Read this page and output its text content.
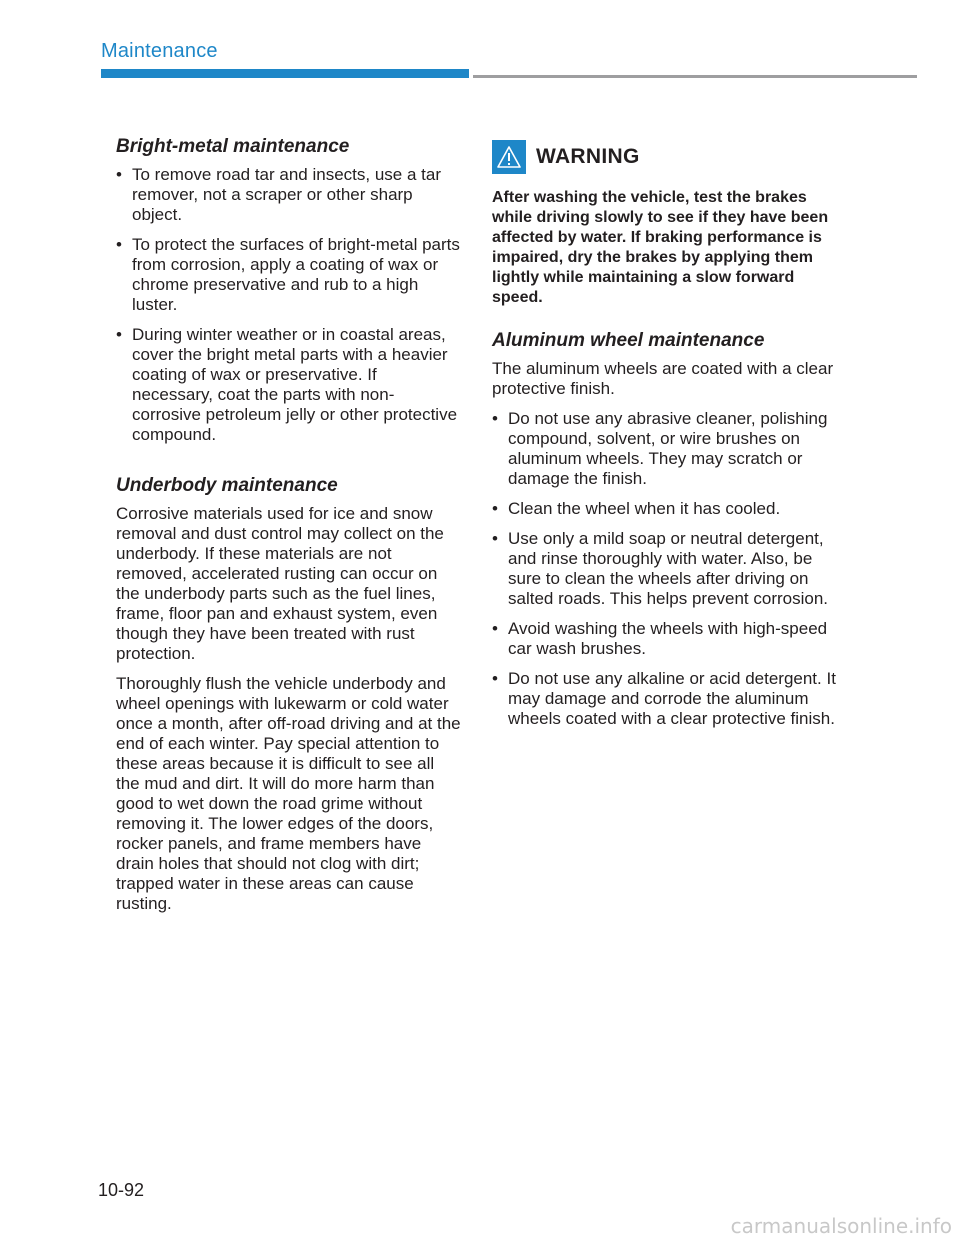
Maintenance
Bright-metal maintenance
• To remove road tar and insects, use a tar remover, not a scraper or other sharp object.
• To protect the surfaces of bright-metal parts from corrosion, apply a coating of wax or chrome preservative and rub to a high luster.
• During winter weather or in coastal areas, cover the bright metal parts with a heavier coating of wax or preservative. If necessary, coat the parts with non-corrosive petroleum jelly or other protective compound.
Underbody maintenance

Corrosive materials used for ice and snow removal and dust control may collect on the underbody. If these materials are not removed, accelerated rusting can occur on the underbody parts such as the fuel lines, frame, floor pan and exhaust system, even though they have been treated with rust protection.

Thoroughly flush the vehicle underbody and wheel openings with lukewarm or cold water once a month, after off-road driving and at the end of each winter. Pay special attention to these areas because it is difficult to see all the mud and dirt. It will do more harm than good to wet down the road grime without removing it. The lower edges of the doors, rocker panels, and frame members have drain holes that should not clog with dirt; trapped water in these areas can cause rusting.

WARNING

After washing the vehicle, test the brakes while driving slowly to see if they have been affected by water. If braking performance is impaired, dry the brakes by applying them lightly while maintaining a slow forward speed.

Aluminum wheel maintenance

The aluminum wheels are coated with a clear protective finish.

• Do not use any abrasive cleaner, polishing compound, solvent, or wire brushes on aluminum wheels. They may scratch or damage the finish.
• Clean the wheel when it has cooled.
• Use only a mild soap or neutral detergent, and rinse thoroughly with water. Also, be sure to clean the wheels after driving on salted roads. This helps prevent corrosion.
• Avoid washing the wheels with high-speed car wash brushes.
• Do not use any alkaline or acid detergent. It may damage and corrode the aluminum wheels coated with a clear protective finish.
10-92
carmanualsonline.info
